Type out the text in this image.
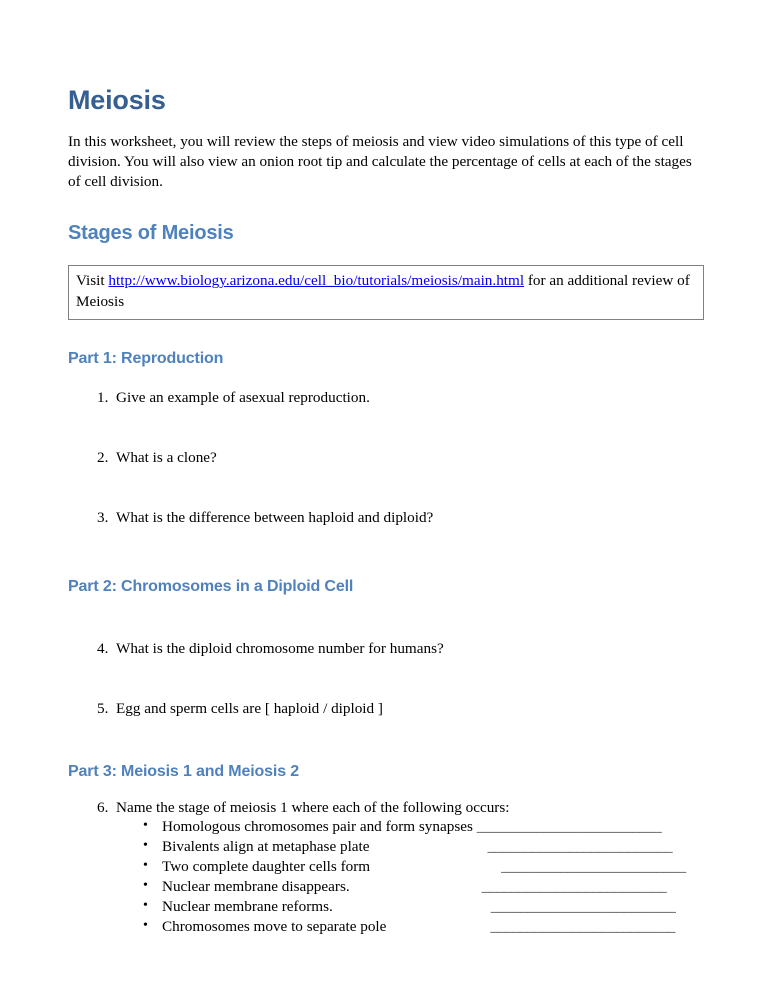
Meiosis

In this worksheet, you will review the steps of meiosis and view video simulations of this type of cell division. You will also view an onion root tip and calculate the percentage of cells at each of the stages of cell division.

Stages of Meiosis
Visit http://www.biology.arizona.edu/cell_bio/tutorials/meiosis/main.html for an additional review of Meiosis
Part 1: Reproduction
1. Give an example of asexual reproduction.
2. What is a clone?
3. What is the difference between haploid and diploid?
Part 2: Chromosomes in a Diploid Cell
4. What is the diploid chromosome number for humans?
5. Egg and sperm cells are [ haploid / diploid ]
Part 3: Meiosis 1 and Meiosis 2
6. Name the stage of meiosis 1 where each of the following occurs:
• Homologous chromosomes pair and form synapses _________________________
• Bivalents align at metaphase plate	_________________________
• Two complete daughter cells form	_________________________
• Nuclear membrane disappears.	_________________________
• Nuclear membrane reforms.	_________________________
• Chromosomes move to separate pole	_________________________
